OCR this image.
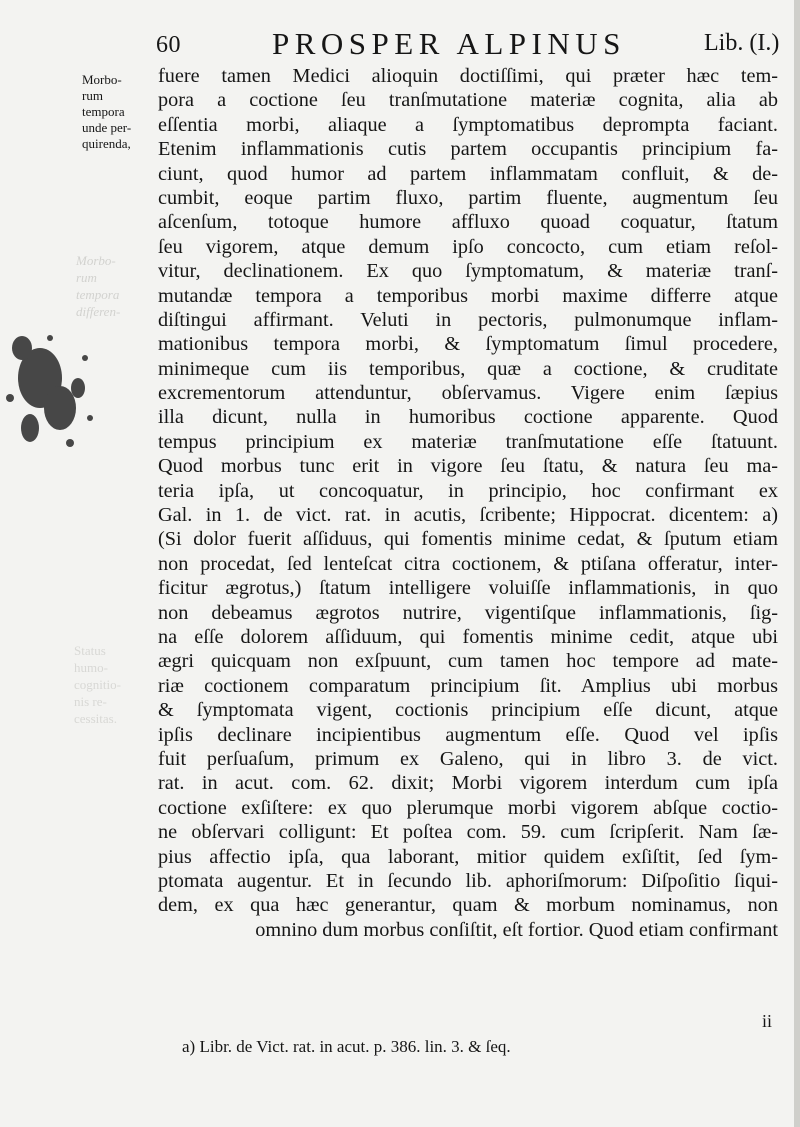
Morbo-
rum
tempora
differen-
Status
humo-
cognitio-
nis re-
cessitas.
60	PROSPER ALPINUS	Lib. (I.)
Morbo-
rum
tempora
unde per-
quirenda,
fuere tamen Medici alioquin doctiſſimi, qui præter hæc tem-
pora a coctione ſeu tranſmutatione materiæ cognita, alia ab
eſſentia morbi, aliaque a ſymptomatibus deprompta faciant.
Etenim inflammationis cutis partem occupantis principium fa-
ciunt, quod humor ad partem inflammatam confluit, & de-
cumbit, eoque partim fluxo, partim fluente, augmentum ſeu
aſcenſum, totoque humore affluxo quoad coquatur, ſtatum
ſeu vigorem, atque demum ipſo concocto, cum etiam reſol-
vitur, declinationem. Ex quo ſymptomatum, & materiæ tranſ-
mutandæ tempora a temporibus morbi maxime differre atque
diſtingui affirmant. Veluti in pectoris, pulmonumque inflam-
mationibus tempora morbi, & ſymptomatum ſimul procedere,
minimeque cum iis temporibus, quæ a coctione, & cruditate
excrementorum attenduntur, obſervamus. Vigere enim ſæpius
illa dicunt, nulla in humoribus coctione apparente. Quod
tempus principium ex materiæ tranſmutatione eſſe ſtatuunt.
Quod morbus tunc erit in vigore ſeu ſtatu, & natura ſeu ma-
teria ipſa, ut concoquatur, in principio, hoc confirmant ex
Gal. in 1. de vict. rat. in acutis, ſcribente; Hippocrat. dicentem: a)
(Si dolor fuerit aſſiduus, qui fomentis minime cedat, & ſputum etiam
non procedat, ſed lenteſcat citra coctionem, & ptiſana offeratur, inter-
ficitur ægrotus,) ſtatum intelligere voluiſſe inflammationis, in quo
non debeamus ægrotos nutrire, vigentiſque inflammationis, ſig-
na eſſe dolorem aſſiduum, qui fomentis minime cedit, atque ubi
ægri quicquam non exſpuunt, cum tamen hoc tempore ad mate-
riæ coctionem comparatum principium ſit. Amplius ubi morbus
& ſymptomata vigent, coctionis principium eſſe dicunt, atque
ipſis declinare incipientibus augmentum eſſe. Quod vel ipſis
fuit perſuaſum, primum ex Galeno, qui in libro 3. de vict.
rat. in acut. com. 62. dixit; Morbi vigorem interdum cum ipſa
coctione exſiſtere: ex quo plerumque morbi vigorem abſque coctio-
ne obſervari colligunt: Et poſtea com. 59. cum ſcripſerit. Nam ſæ-
pius affectio ipſa, qua laborant, mitior quidem exſiſtit, ſed ſym-
ptomata augentur. Et in ſecundo lib. aphoriſmorum: Diſpoſitio ſiqui-
dem, ex qua hæc generantur, quam & morbum nominamus, non
omnino dum morbus conſiſtit, eſt fortior. Quod etiam confirmant
ii
a) Libr. de Vict. rat. in acut. p. 386. lin. 3. & ſeq.
